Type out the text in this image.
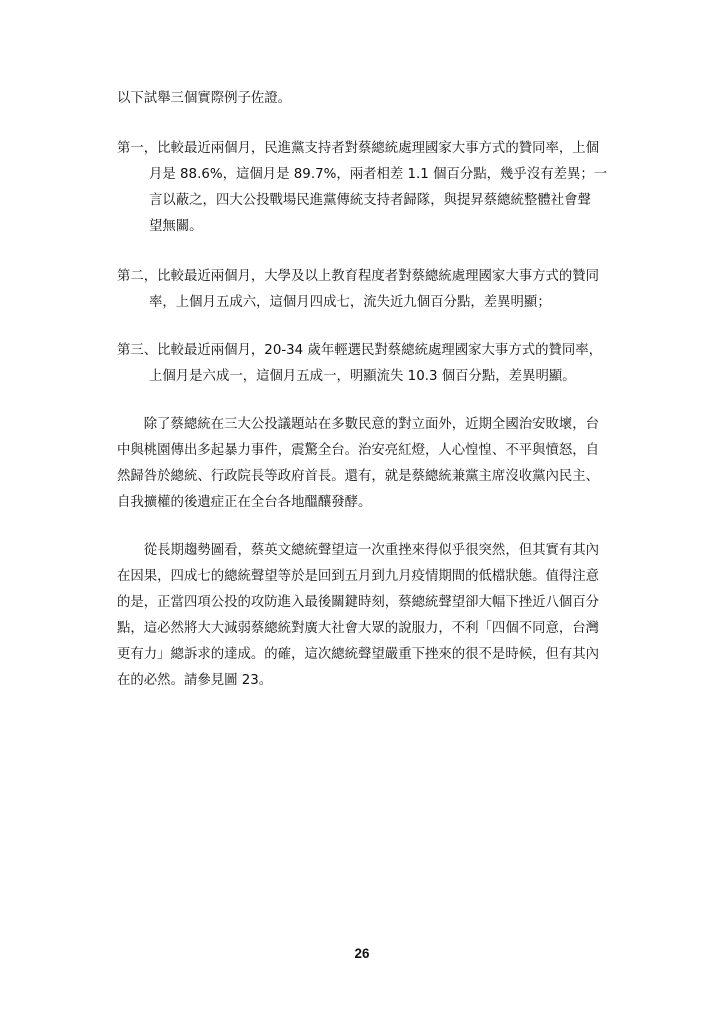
以下試舉三個實際例子佐證。

第一，比較最近兩個月，民進黨支持者對蔡總統處理國家大事方式的贊同率，上個
月是 88.6%，這個月是 89.7%，兩者相差 1.1 個百分點，幾乎沒有差異；一
言以蔽之，四大公投戰場民進黨傳統支持者歸隊，與提昇蔡總統整體社會聲
望無關。

第二，比較最近兩個月，大學及以上教育程度者對蔡總統處理國家大事方式的贊同
率，上個月五成六，這個月四成七，流失近九個百分點，差異明顯；

第三、比較最近兩個月，20-34 歲年輕選民對蔡總統處理國家大事方式的贊同率，
上個月是六成一，這個月五成一，明顯流失 10.3 個百分點，差異明顯。

　　除了蔡總統在三大公投議題站在多數民意的對立面外，近期全國治安敗壞，台
中與桃園傳出多起暴力事件，震驚全台。治安亮紅燈，人心惶惶、不平與憤怒，自
然歸咎於總統、行政院長等政府首長。還有，就是蔡總統兼黨主席沒收黨內民主、
自我擴權的後遺症正在全台各地醞釀發酵。

　　從長期趨勢圖看，蔡英文總統聲望這一次重挫來得似乎很突然，但其實有其內
在因果，四成七的總統聲望等於是回到五月到九月疫情期間的低檔狀態。值得注意
的是，正當四項公投的攻防進入最後關鍵時刻，蔡總統聲望卻大幅下挫近八個百分
點，這必然將大大減弱蔡總統對廣大社會大眾的說服力，不利「四個不同意，台灣
更有力」總訴求的達成。的確，這次總統聲望嚴重下挫來的很不是時候，但有其內
在的必然。請參見圖 23。

26
